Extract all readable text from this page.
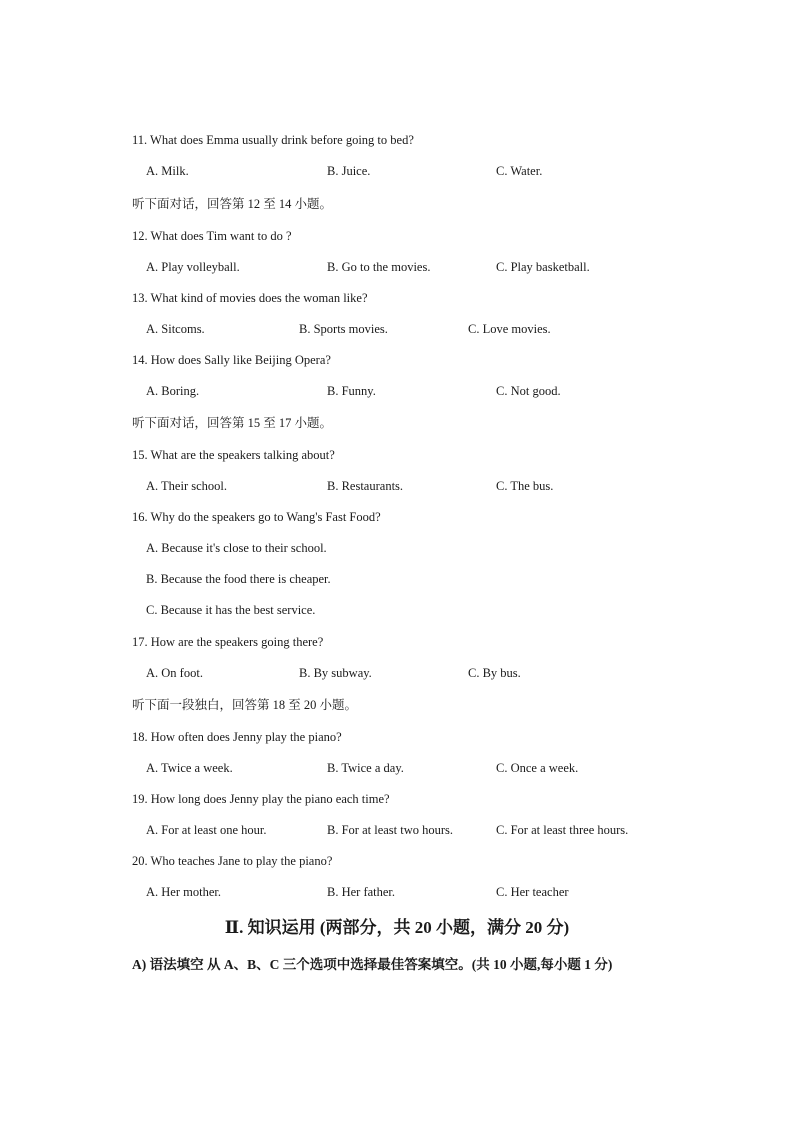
11. What does Emma usually drink before going to bed?
A. Milk.	B. Juice.	C. Water.
听下面对话，回答第 12 至 14 小题。
12. What does Tim want to do ?
A. Play volleyball.	B. Go to the movies.	C. Play basketball.
13. What kind of movies does the woman like?
A. Sitcoms.	B. Sports movies.	C. Love movies.
14. How does Sally like Beijing Opera?
A. Boring.	B. Funny.	C. Not good.
听下面对话，回答第 15 至 17 小题。
15. What are the speakers talking about?
A. Their school.	B. Restaurants.	C. The bus.
16. Why do the speakers go to Wang's Fast Food?
A. Because it's close to their school.
B. Because the food there is cheaper.
C. Because it has the best service.
17. How are the speakers going there?
A. On foot.	B. By subway.	C. By bus.
听下面一段独白，回答第 18 至 20 小题。
18. How often does Jenny play the piano?
A. Twice a week.	B. Twice a day.	C. Once a week.
19. How long does Jenny play the piano each time?
A. For at least one hour.	B. For at least two hours.	C. For at least three hours.
20. Who teaches Jane to play the piano?
A. Her mother.	B. Her father.	C. Her teacher
Ⅱ. 知识运用 (两部分，共 20 小题，满分 20 分)
A) 语法填空 从 A、B、C 三个选项中选择最佳答案填空。(共 10 小题,每小题 1 分)
